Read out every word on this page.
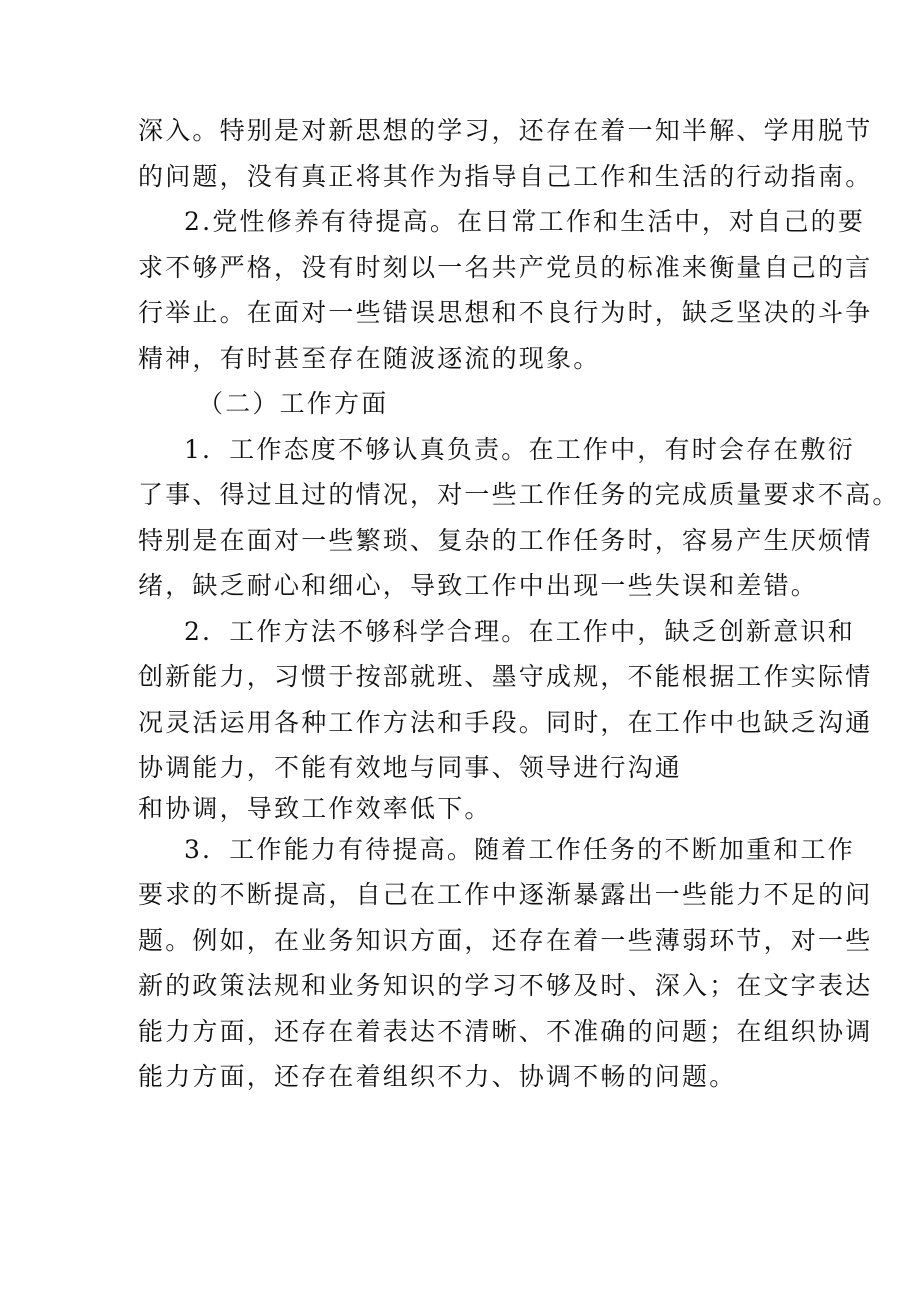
深入。特别是对新思想的学习，还存在着一知半解、学用脱节
的问题，没有真正将其作为指导自己工作和生活的行动指南。
2.党性修养有待提高。在日常工作和生活中，对自己的要
求不够严格，没有时刻以一名共产党员的标准来衡量自己的言
行举止。在面对一些错误思想和不良行为时，缺乏坚决的斗争
精神，有时甚至存在随波逐流的现象。
（二）工作方面
1．工作态度不够认真负责。在工作中，有时会存在敷衍
了事、得过且过的情况，对一些工作任务的完成质量要求不高。
特别是在面对一些繁琐、复杂的工作任务时，容易产生厌烦情
绪，缺乏耐心和细心，导致工作中出现一些失误和差错。
2．工作方法不够科学合理。在工作中，缺乏创新意识和
创新能力，习惯于按部就班、墨守成规，不能根据工作实际情
况灵活运用各种工作方法和手段。同时，在工作中也缺乏沟通
协调能力，不能有效地与同事、领导进行沟通
和协调，导致工作效率低下。
3．工作能力有待提高。随着工作任务的不断加重和工作
要求的不断提高，自己在工作中逐渐暴露出一些能力不足的问
题。例如，在业务知识方面，还存在着一些薄弱环节，对一些
新的政策法规和业务知识的学习不够及时、深入；在文字表达
能力方面，还存在着表达不清晰、不准确的问题；在组织协调
能力方面，还存在着组织不力、协调不畅的问题。
